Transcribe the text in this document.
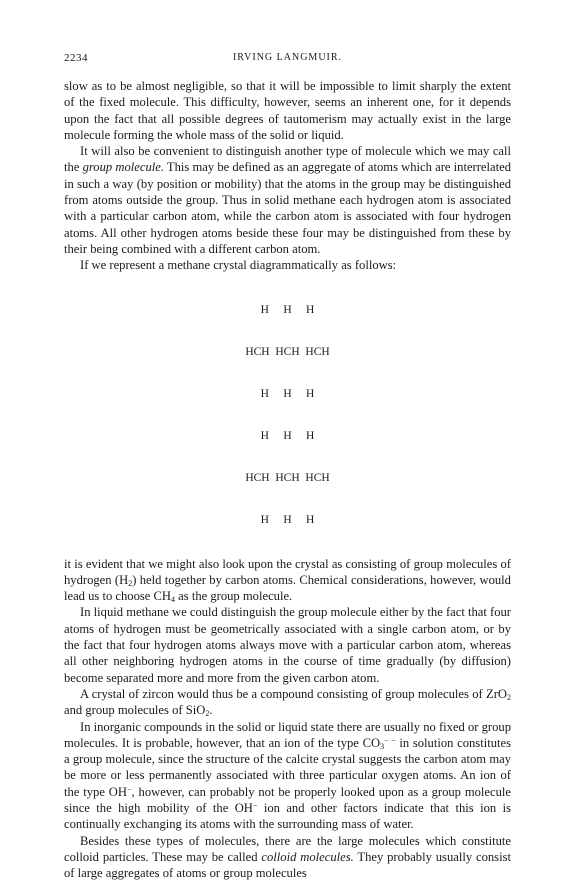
2234	IRVING LANGMUIR.

slow as to be almost negligible, so that it will be impossible to limit sharply the extent of the fixed molecule. This difficulty, however, seems an inherent one, for it depends upon the fact that all possible degrees of tautomerism may actually exist in the large molecule forming the whole mass of the solid or liquid.

It will also be convenient to distinguish another type of molecule which we may call the group molecule. This may be defined as an aggregate of atoms which are interrelated in such a way (by position or mobility) that the atoms in the group may be distinguished from atoms outside the group. Thus in solid methane each hydrogen atom is associated with a particular carbon atom, while the carbon atom is associated with four hydrogen atoms. All other hydrogen atoms beside these four may be distinguished from these by their being combined with a different carbon atom.

If we represent a methane crystal diagrammatically as follows:

H     H     H

HCH  HCH  HCH

H     H     H

H     H     H

HCH  HCH  HCH

H     H     H

it is evident that we might also look upon the crystal as consisting of group molecules of hydrogen $(H_2)$ held together by carbon atoms. Chemical considerations, however, would lead us to choose $CH_4$ as the group molecule.

In liquid methane we could distinguish the group molecule either by the fact that four atoms of hydrogen must be geometrically associated with a single carbon atom, or by the fact that four hydrogen atoms always move with a particular carbon atom, whereas all other neighboring hydrogen atoms in the course of time gradually (by diffusion) become separated more and more from the given carbon atom.

A crystal of zircon would thus be a compound consisting of group molecules of ZrO$_2$ and group molecules of SiO$_2$.

In inorganic compounds in the solid or liquid state there are usually no fixed or group molecules. It is probable, however, that an ion of the type $CO_3^{- -}$ in solution constitutes a group molecule, since the structure of the calcite crystal suggests the carbon atom may be more or less permanently associated with three particular oxygen atoms. An ion of the type OH−, however, can probably not be properly looked upon as a group molecule since the high mobility of the OH− ion and other factors indicate that this ion is continually exchanging its atoms with the surrounding mass of water.

Besides these types of molecules, there are the large molecules which constitute colloid particles. These may be called colloid molecules. They probably usually consist of large aggregates of atoms or group molecules
